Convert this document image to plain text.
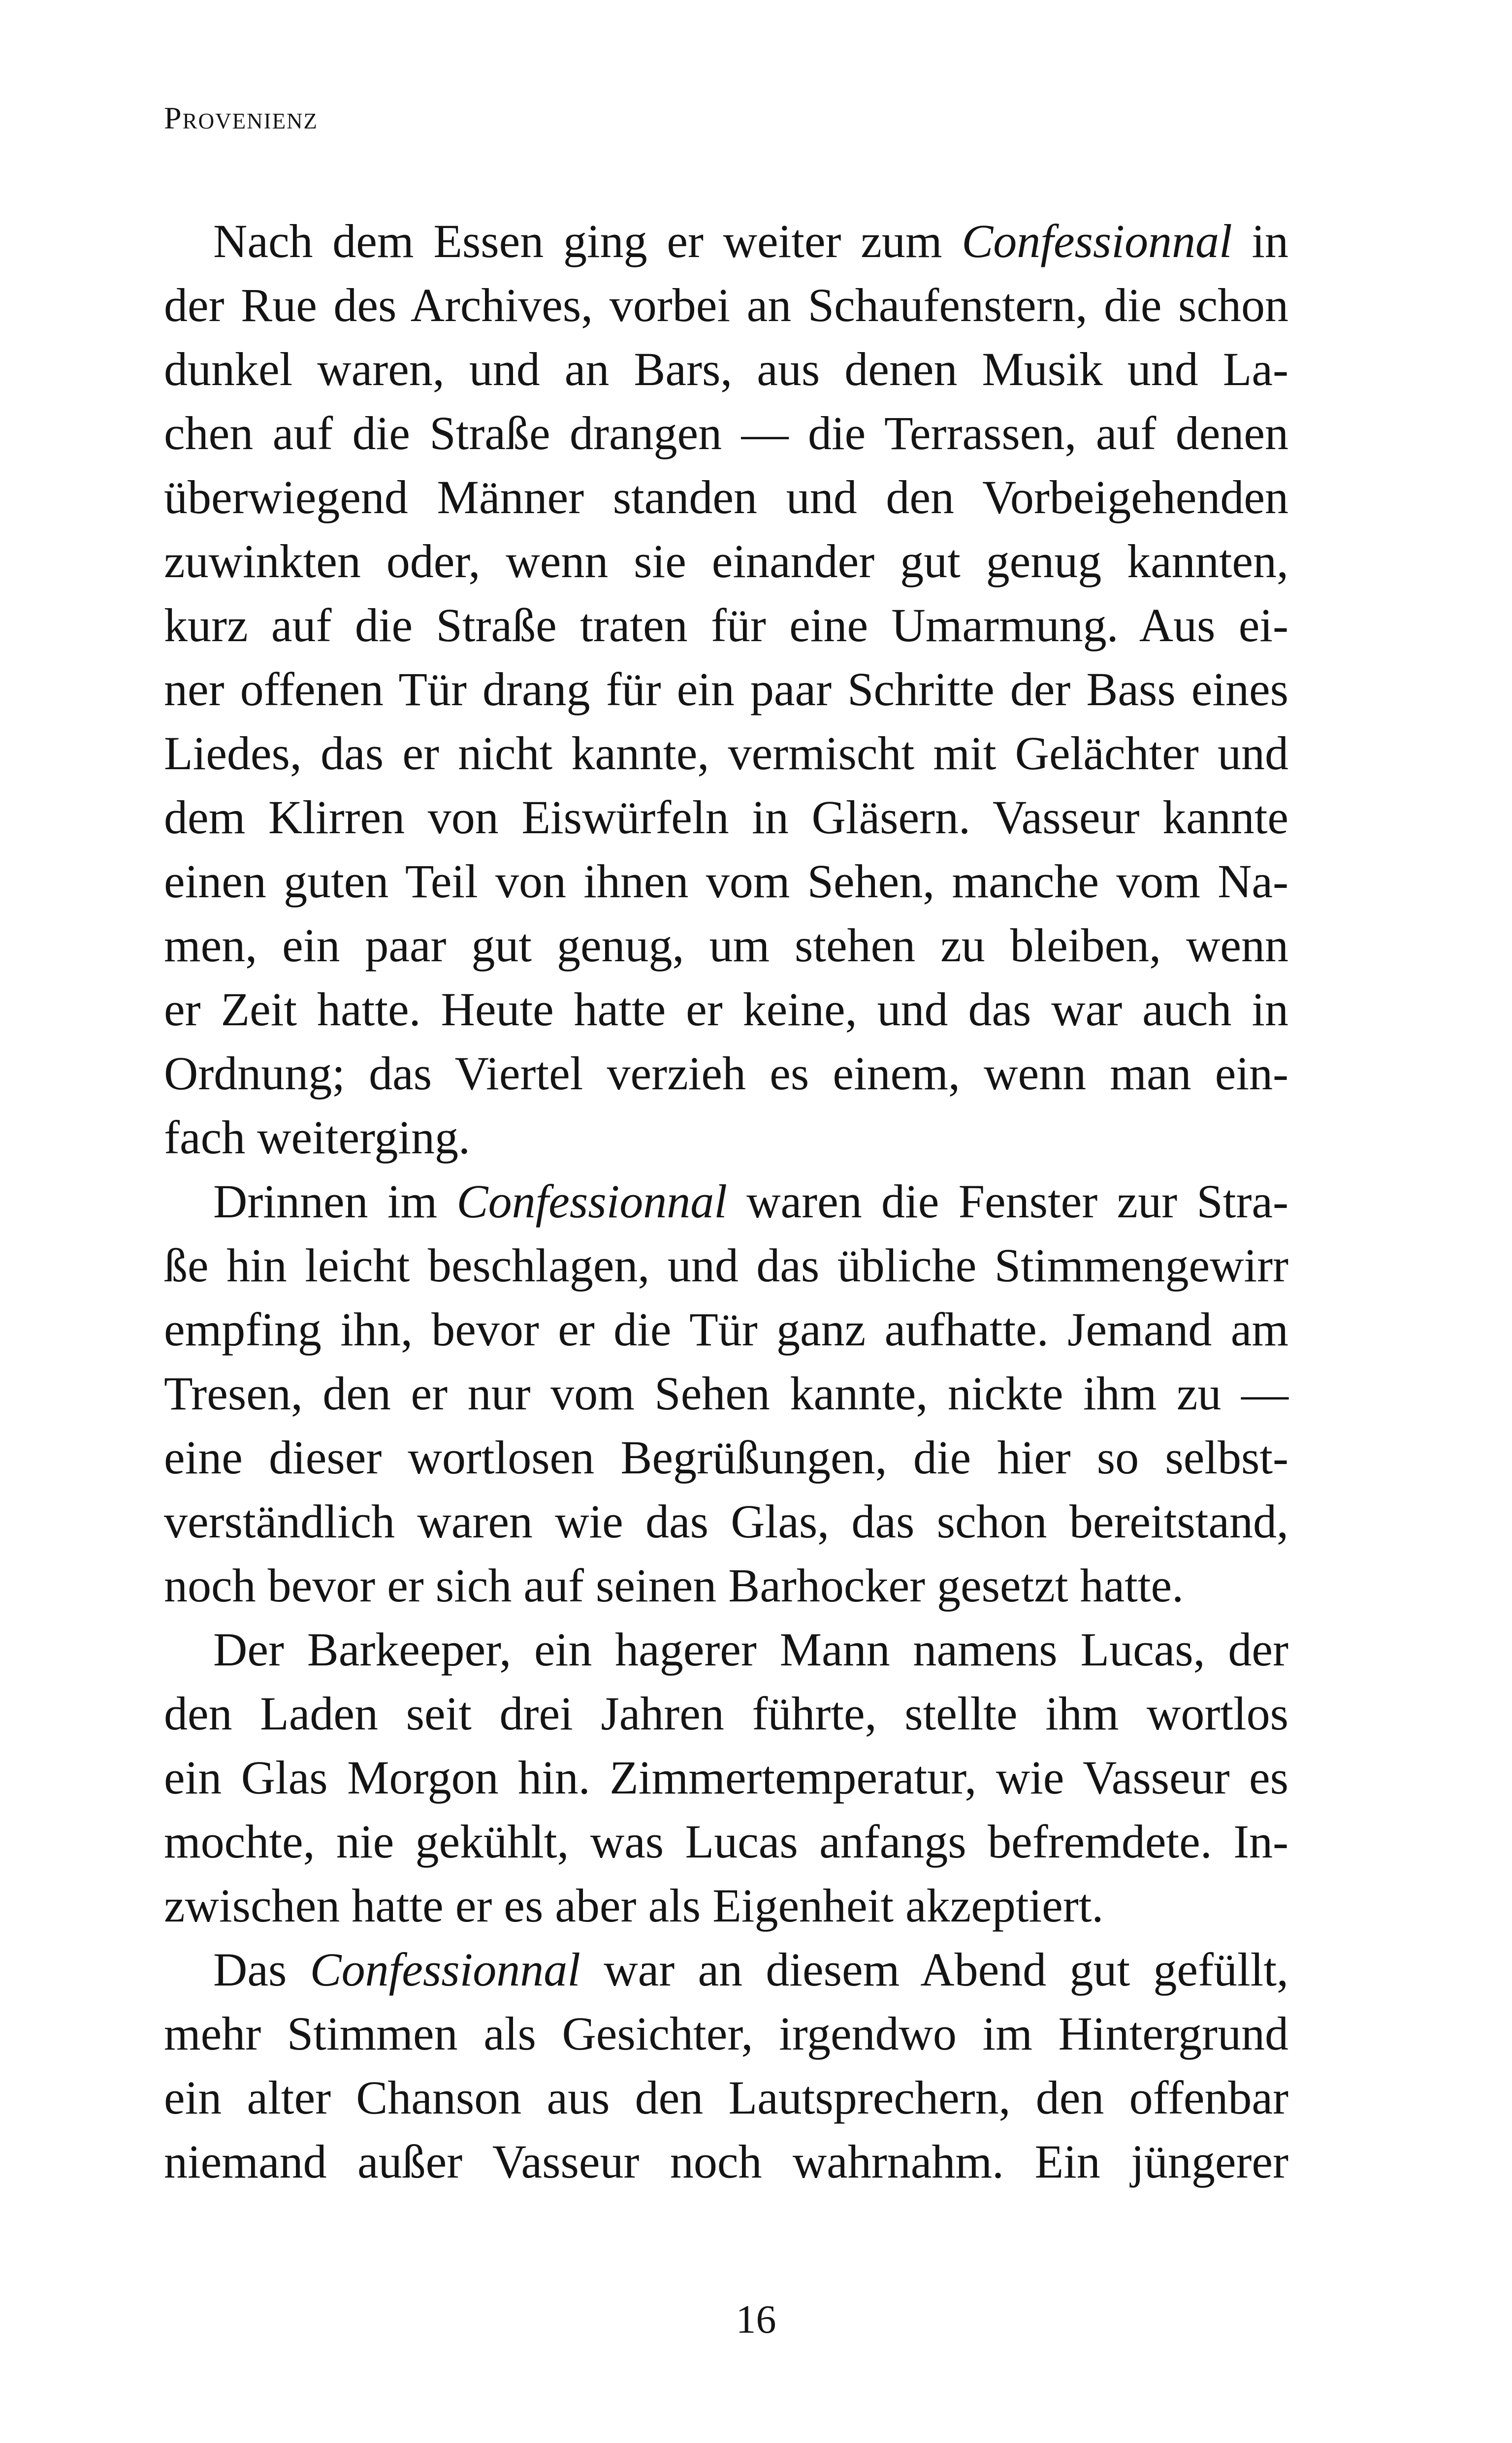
Provenienz

Nach dem Essen ging er weiter zum Confessionnal in
der Rue des Archives, vorbei an Schaufenstern, die schon
dunkel waren, und an Bars, aus denen Musik und La-
chen auf die Straße drangen — die Terrassen, auf denen
überwiegend Männer standen und den Vorbeigehenden
zuwinkten oder, wenn sie einander gut genug kannten,
kurz auf die Straße traten für eine Umarmung. Aus ei-
ner offenen Tür drang für ein paar Schritte der Bass eines
Liedes, das er nicht kannte, vermischt mit Gelächter und
dem Klirren von Eiswürfeln in Gläsern. Vasseur kannte
einen guten Teil von ihnen vom Sehen, manche vom Na-
men, ein paar gut genug, um stehen zu bleiben, wenn
er Zeit hatte. Heute hatte er keine, und das war auch in
Ordnung; das Viertel verzieh es einem, wenn man ein-
fach weiterging.
Drinnen im Confessionnal waren die Fenster zur Stra-
ße hin leicht beschlagen, und das übliche Stimmengewirr
empfing ihn, bevor er die Tür ganz aufhatte. Jemand am
Tresen, den er nur vom Sehen kannte, nickte ihm zu —
eine dieser wortlosen Begrüßungen, die hier so selbst-
verständlich waren wie das Glas, das schon bereitstand,
noch bevor er sich auf seinen Barhocker gesetzt hatte.
Der Barkeeper, ein hagerer Mann namens Lucas, der
den Laden seit drei Jahren führte, stellte ihm wortlos
ein Glas Morgon hin. Zimmertemperatur, wie Vasseur es
mochte, nie gekühlt, was Lucas anfangs befremdete. In-
zwischen hatte er es aber als Eigenheit akzeptiert.
Das Confessionnal war an diesem Abend gut gefüllt,
mehr Stimmen als Gesichter, irgendwo im Hintergrund
ein alter Chanson aus den Lautsprechern, den offenbar
niemand außer Vasseur noch wahrnahm. Ein jüngerer

16
